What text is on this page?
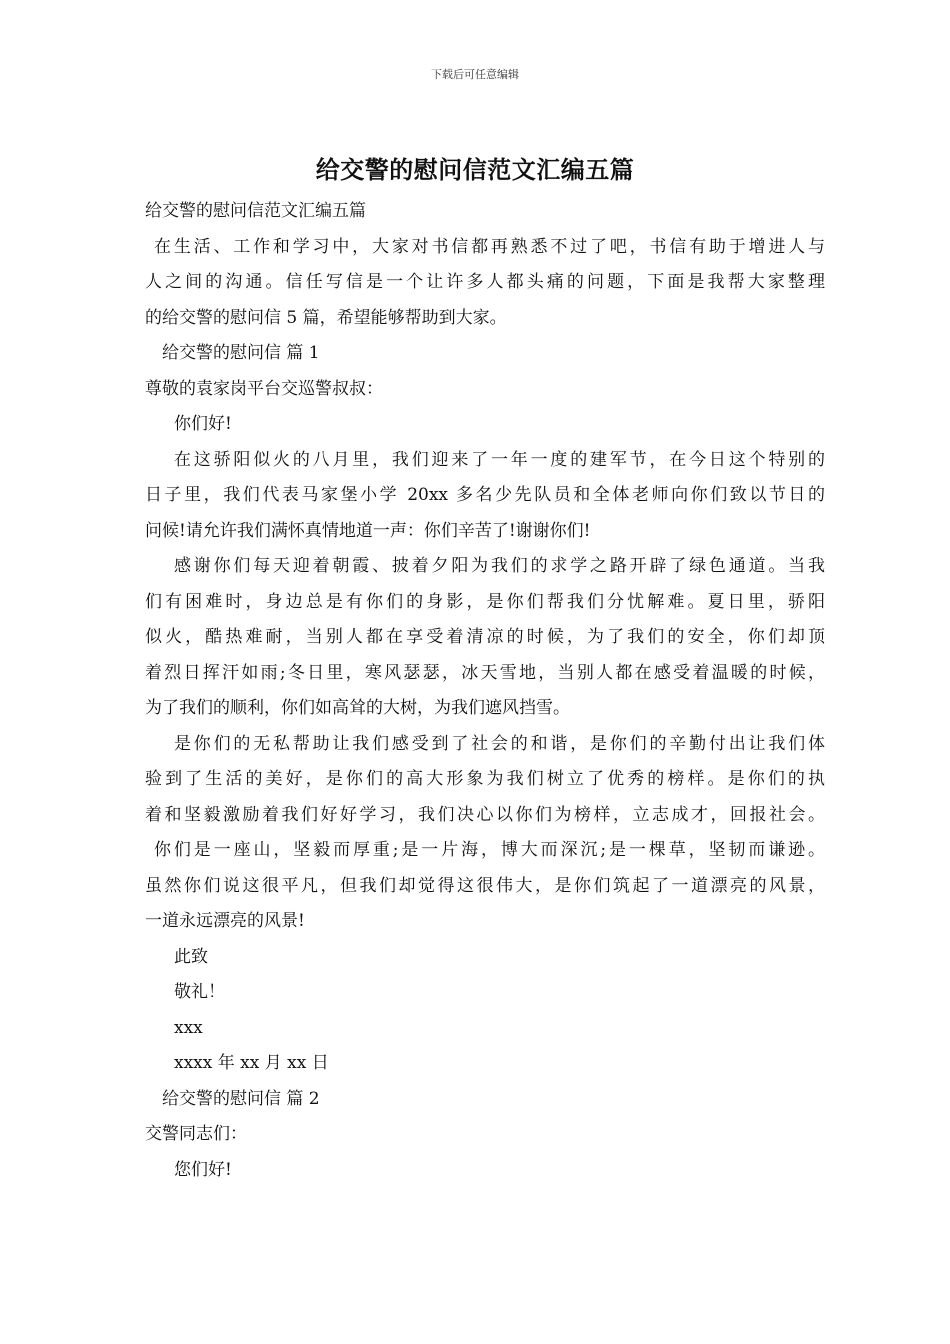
下载后可任意编辑
给交警的慰问信范文汇编五篇
给交警的慰问信范文汇编五篇
在生活、工作和学习中，大家对书信都再熟悉不过了吧，书信有助于增进人与
人之间的沟通。信任写信是一个让许多人都头痛的问题，下面是我帮大家整理
的给交警的慰问信 5 篇，希望能够帮助到大家。
给交警的慰问信 篇 1
尊敬的袁家岗平台交巡警叔叔：
你们好!
在这骄阳似火的八月里，我们迎来了一年一度的建军节，在今日这个特别的
日子里，我们代表马家堡小学 20xx 多名少先队员和全体老师向你们致以节日的
问候!请允许我们满怀真情地道一声：你们辛苦了!谢谢你们!
感谢你们每天迎着朝霞、披着夕阳为我们的求学之路开辟了绿色通道。当我
们有困难时，身边总是有你们的身影，是你们帮我们分忧解难。夏日里，骄阳
似火，酷热难耐，当别人都在享受着清凉的时候，为了我们的安全，你们却顶
着烈日挥汗如雨;冬日里，寒风瑟瑟，冰天雪地，当别人都在感受着温暖的时候，
为了我们的顺利，你们如高耸的大树，为我们遮风挡雪。
是你们的无私帮助让我们感受到了社会的和谐，是你们的辛勤付出让我们体
验到了生活的美好，是你们的高大形象为我们树立了优秀的榜样。是你们的执
着和坚毅激励着我们好好学习，我们决心以你们为榜样，立志成才，回报社会。
你们是一座山，坚毅而厚重;是一片海，博大而深沉;是一棵草，坚韧而谦逊。
虽然你们说这很平凡，但我们却觉得这很伟大，是你们筑起了一道漂亮的风景，
一道永远漂亮的风景!
此致
敬礼！
xxx
xxxx 年 xx 月 xx 日
给交警的慰问信 篇 2
交警同志们：
您们好!
